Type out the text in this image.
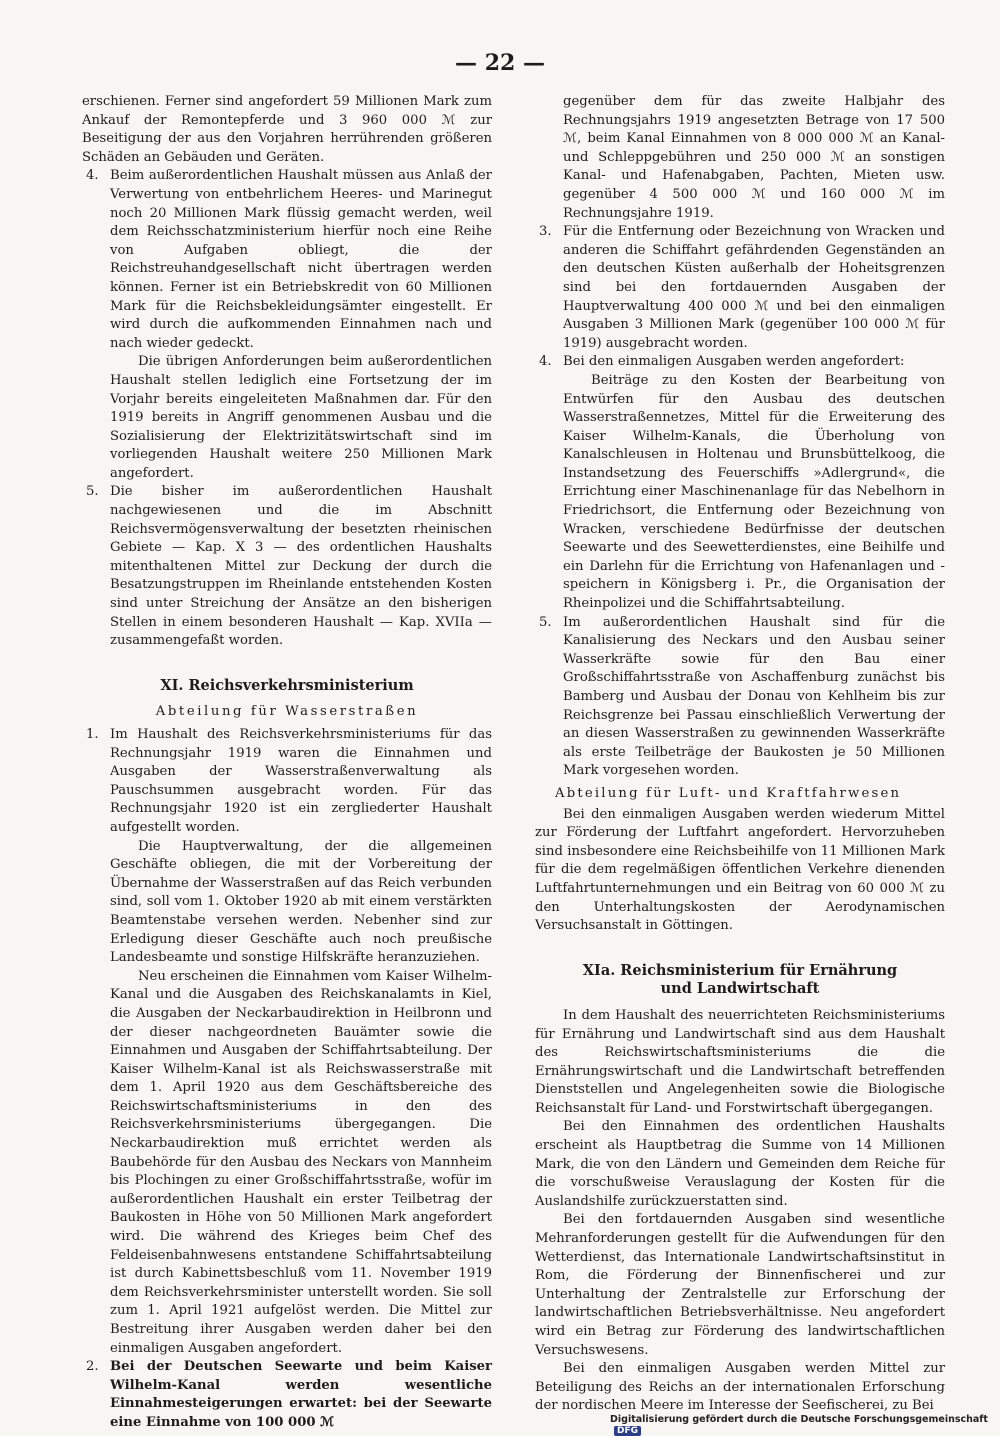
— 22 —

erschienen. Ferner sind angefordert 59 Millionen Mark zum Ankauf der Remontepferde und 3 960 000 ℳ zur Beseitigung der aus den Vorjahren herrührenden größeren Schäden an Gebäuden und Geräten.

4. Beim außerordentlichen Haushalt müssen aus Anlaß der Verwertung von entbehrlichem Heeres- und Marinegut noch 20 Millionen Mark flüssig gemacht werden, weil dem Reichsschatzministerium hierfür noch eine Reihe von Aufgaben obliegt, die der Reichstreuhandgesellschaft nicht übertragen werden können. Ferner ist ein Betriebskredit von 60 Millionen Mark für die Reichsbekleidungsämter eingestellt. Er wird durch die aufkommenden Einnahmen nach und nach wieder gedeckt.

Die übrigen Anforderungen beim außerordentlichen Haushalt stellen lediglich eine Fortsetzung der im Vorjahr bereits eingeleiteten Maßnahmen dar. Für den 1919 bereits in Angriff genommenen Ausbau und die Sozialisierung der Elektrizitätswirtschaft sind im vorliegenden Haushalt weitere 250 Millionen Mark angefordert.

5. Die bisher im außerordentlichen Haushalt nachgewiesenen und die im Abschnitt Reichsvermögensverwaltung der besetzten rheinischen Gebiete — Kap. X 3 — des ordentlichen Haushalts mitenthaltenen Mittel zur Deckung der durch die Besatzungstruppen im Rheinlande entstehenden Kosten sind unter Streichung der Ansätze an den bisherigen Stellen in einem besonderen Haushalt — Kap. XVIIa — zusammengefaßt worden.

XI. Reichsverkehrsministerium
Abteilung für Wasserstraßen
1. Im Haushalt des Reichsverkehrsministeriums für das Rechnungsjahr 1919 waren die Einnahmen und Ausgaben der Wasserstraßenverwaltung als Pauschsummen ausgebracht worden. Für das Rechnungsjahr 1920 ist ein zergliederter Haushalt aufgestellt worden.

Die Hauptverwaltung, der die allgemeinen Geschäfte obliegen, die mit der Vorbereitung der Übernahme der Wasserstraßen auf das Reich verbunden sind, soll vom 1. Oktober 1920 ab mit einem verstärkten Beamtenstabe versehen werden. Nebenher sind zur Erledigung dieser Geschäfte auch noch preußische Landesbeamte und sonstige Hilfskräfte heranzuziehen.

Neu erscheinen die Einnahmen vom Kaiser Wilhelm-Kanal und die Ausgaben des Reichskanalamts in Kiel, die Ausgaben der Neckarbaudirektion in Heilbronn und der dieser nachgeordneten Bauämter sowie die Einnahmen und Ausgaben der Schiffahrtsabteilung. Der Kaiser Wilhelm-Kanal ist als Reichswasserstraße mit dem 1. April 1920 aus dem Geschäftsbereiche des Reichswirtschaftsministeriums in den des Reichsverkehrsministeriums übergegangen. Die Neckarbaudirektion muß errichtet werden als Baubehörde für den Ausbau des Neckars von Mannheim bis Plochingen zu einer Großschiffahrtsstraße, wofür im außerordentlichen Haushalt ein erster Teilbetrag der Baukosten in Höhe von 50 Millionen Mark angefordert wird. Die während des Krieges beim Chef des Feldeisenbahnwesens entstandene Schiffahrtsabteilung ist durch Kabinettsbeschluß vom 11. November 1919 dem Reichsverkehrsminister unterstellt worden. Sie soll zum 1. April 1921 aufgelöst werden. Die Mittel zur Bestreitung ihrer Ausgaben werden daher bei den einmaligen Ausgaben angefordert.

2. Bei der Deutschen Seewarte und beim Kaiser Wilhelm-Kanal werden wesentliche Einnahmesteigerungen erwartet: bei der Seewarte eine Einnahme von 100 000 ℳ

gegenüber dem für das zweite Halbjahr des Rechnungsjahrs 1919 angesetzten Betrage von 17 500 ℳ, beim Kanal Einnahmen von 8 000 000 ℳ an Kanal- und Schleppgebühren und 250 000 ℳ an sonstigen Kanal- und Hafenabgaben, Pachten, Mieten usw. gegenüber 4 500 000 ℳ und 160 000 ℳ im Rechnungsjahre 1919.

3. Für die Entfernung oder Bezeichnung von Wracken und anderen die Schiffahrt gefährdenden Gegenständen an den deutschen Küsten außerhalb der Hoheitsgrenzen sind bei den fortdauernden Ausgaben der Hauptverwaltung 400 000 ℳ und bei den einmaligen Ausgaben 3 Millionen Mark (gegenüber 100 000 ℳ für 1919) ausgebracht worden.

4. Bei den einmaligen Ausgaben werden angefordert:

Beiträge zu den Kosten der Bearbeitung von Entwürfen für den Ausbau des deutschen Wasserstraßennetzes, Mittel für die Erweiterung des Kaiser Wilhelm-Kanals, die Überholung von Kanalschleusen in Holtenau und Brunsbüttelkoog, die Instandsetzung des Feuerschiffs »Adlergrund«, die Errichtung einer Maschinenanlage für das Nebelhorn in Friedrichsort, die Entfernung oder Bezeichnung von Wracken, verschiedene Bedürfnisse der deutschen Seewarte und des Seewetterdienstes, eine Beihilfe und ein Darlehn für die Errichtung von Hafenanlagen und -speichern in Königsberg i. Pr., die Organisation der Rheinpolizei und die Schiffahrtsabteilung.

5. Im außerordentlichen Haushalt sind für die Kanalisierung des Neckars und den Ausbau seiner Wasserkräfte sowie für den Bau einer Großschiffahrtsstraße von Aschaffenburg zunächst bis Bamberg und Ausbau der Donau von Kehlheim bis zur Reichsgrenze bei Passau einschließlich Verwertung der an diesen Wasserstraßen zu gewinnenden Wasserkräfte als erste Teilbeträge der Baukosten je 50 Millionen Mark vorgesehen worden.

Abteilung für Luft- und Kraftfahrwesen

Bei den einmaligen Ausgaben werden wiederum Mittel zur Förderung der Luftfahrt angefordert. Hervorzuheben sind insbesondere eine Reichsbeihilfe von 11 Millionen Mark für die dem regelmäßigen öffentlichen Verkehre dienenden Luftfahrtunternehmungen und ein Beitrag von 60 000 ℳ zu den Unterhaltungskosten der Aerodynamischen Versuchsanstalt in Göttingen.

XIa. Reichsministerium für Ernährung
und Landwirtschaft

In dem Haushalt des neuerrichteten Reichsministeriums für Ernährung und Landwirtschaft sind aus dem Haushalt des Reichswirtschaftsministeriums die die Ernährungswirtschaft und die Landwirtschaft betreffenden Dienststellen und Angelegenheiten sowie die Biologische Reichsanstalt für Land- und Forstwirtschaft übergegangen.

Bei den Einnahmen des ordentlichen Haushalts erscheint als Hauptbetrag die Summe von 14 Millionen Mark, die von den Ländern und Gemeinden dem Reiche für die vorschußweise Verauslagung der Kosten für die Auslandshilfe zurückzuerstatten sind.

Bei den fortdauernden Ausgaben sind wesentliche Mehranforderungen gestellt für die Aufwendungen für den Wetterdienst, das Internationale Landwirtschaftsinstitut in Rom, die Förderung der Binnenfischerei und zur Unterhaltung der Zentralstelle zur Erforschung der landwirtschaftlichen Betriebsverhältnisse. Neu angefordert wird ein Betrag zur Förderung des landwirtschaftlichen Versuchswesens.

Bei den einmaligen Ausgaben werden Mittel zur Beteiligung des Reichs an der internationalen Erforschung der nordischen Meere im Interesse der Seefischerei, zu Bei

Digitalisierung gefördert durch die Deutsche Forschungsgemeinschaft DFG
